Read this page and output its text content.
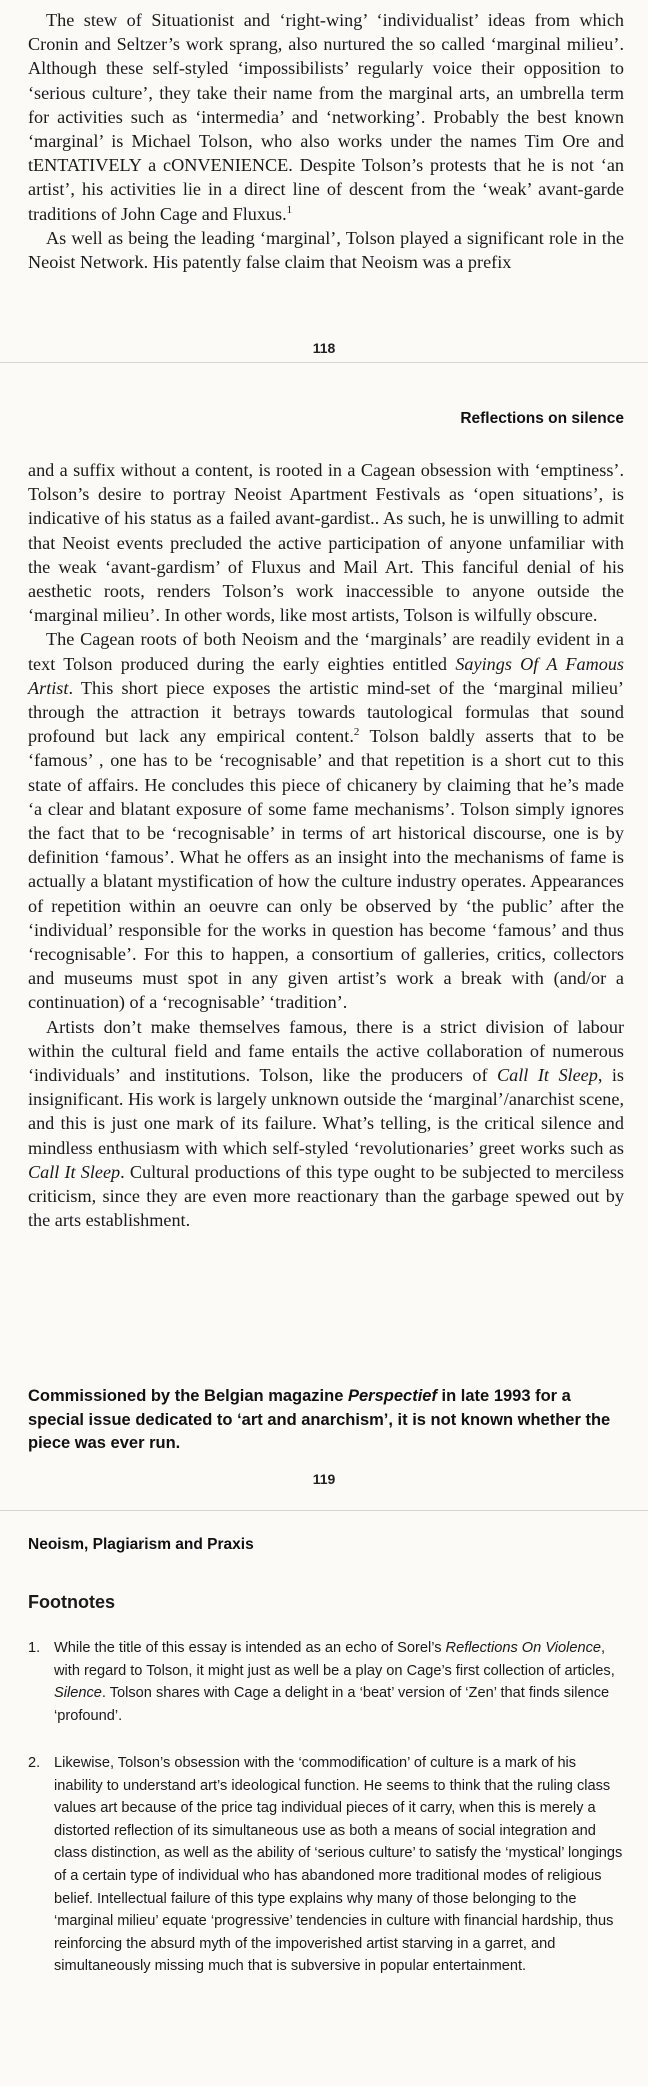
The stew of Situationist and ‘right-wing’ ‘individualist’ ideas from which Cronin and Seltzer’s work sprang, also nurtured the so called ‘marginal milieu’. Although these self-styled ‘impossibilists’ regularly voice their opposition to ‘serious culture’, they take their name from the marginal arts, an umbrella term for activities such as ‘intermedia’ and ‘networking’. Probably the best known ‘marginal’ is Michael Tolson, who also works under the names Tim Ore and tENTATIVELY a cONVENIENCE. Despite Tolson’s protests that he is not ‘an artist’, his activities lie in a direct line of descent from the ‘weak’ avant-garde traditions of John Cage and Fluxus.$^1$

As well as being the leading ‘marginal’, Tolson played a significant role in the Neoist Network. His patently false claim that Neoism was a prefix

118
Reflections on silence

and a suffix without a content, is rooted in a Cagean obsession with ‘emptiness’. Tolson’s desire to portray Neoist Apartment Festivals as ‘open situations’, is indicative of his status as a failed avant-gardist.. As such, he is unwilling to admit that Neoist events precluded the active participation of anyone unfamiliar with the weak ‘avant-gardism’ of Fluxus and Mail Art. This fanciful denial of his aesthetic roots, renders Tolson’s work inaccessible to anyone outside the ‘marginal milieu’. In other words, like most artists, Tolson is wilfully obscure.

The Cagean roots of both Neoism and the ‘marginals’ are readily evident in a text Tolson produced during the early eighties entitled Sayings Of A Famous Artist. This short piece exposes the artistic mind-set of the ‘marginal milieu’ through the attraction it betrays towards tautological formulas that sound profound but lack any empirical content.$^2$ Tolson baldly asserts that to be ‘famous’ , one has to be ‘recognisable’ and that repetition is a short cut to this state of affairs. He concludes this piece of chicanery by claiming that he’s made ‘a clear and blatant exposure of some fame mechanisms’. Tolson simply ignores the fact that to be ‘recognisable’ in terms of art historical discourse, one is by definition ‘famous’. What he offers as an insight into the mechanisms of fame is actually a blatant mystification of how the culture industry operates. Appearances of repetition within an oeuvre can only be observed by ‘the public’ after the ‘individual’ responsible for the works in question has become ‘famous’ and thus ‘recognisable’. For this to happen, a consortium of galleries, critics, collectors and museums must spot in any given artist’s work a break with (and/or a continuation) of a ‘recognisable’ ‘tradition’.

Artists don’t make themselves famous, there is a strict division of labour within the cultural field and fame entails the active collaboration of numerous ‘individuals’ and institutions. Tolson, like the producers of Call It Sleep, is insignificant. His work is largely unknown outside the ‘marginal’/anarchist scene, and this is just one mark of its failure. What’s telling, is the critical silence and mindless enthusiasm with which self-styled ‘revolutionaries’ greet works such as Call It Sleep. Cultural productions of this type ought to be subjected to merciless criticism, since they are even more reactionary than the garbage spewed out by the arts establishment.

Commissioned by the Belgian magazine Perspectief in late 1993 for a special issue dedicated to ‘art and anarchism’, it is not known whether the piece was ever run.

119
Neoism, Plagiarism and Praxis

Footnotes

1. While the title of this essay is intended as an echo of Sorel’s Reflections On Violence, with regard to Tolson, it might just as well be a play on Cage’s first collection of articles, Silence. Tolson shares with Cage a delight in a ‘beat’ version of ‘Zen’ that finds silence ‘profound’.
2. Likewise, Tolson’s obsession with the ‘commodification’ of culture is a mark of his inability to understand art’s ideological function. He seems to think that the ruling class values art because of the price tag individual pieces of it carry, when this is merely a distorted reflection of its simultaneous use as both a means of social integration and class distinction, as well as the ability of ‘serious culture’ to satisfy the ‘mystical’ longings of a certain type of individual who has abandoned more traditional modes of religious belief. Intellectual failure of this type explains why many of those belonging to the ‘marginal milieu’ equate ‘progressive’ tendencies in culture with financial hardship, thus reinforcing the absurd myth of the impoverished artist starving in a garret, and simultaneously missing much that is subversive in popular entertainment.
